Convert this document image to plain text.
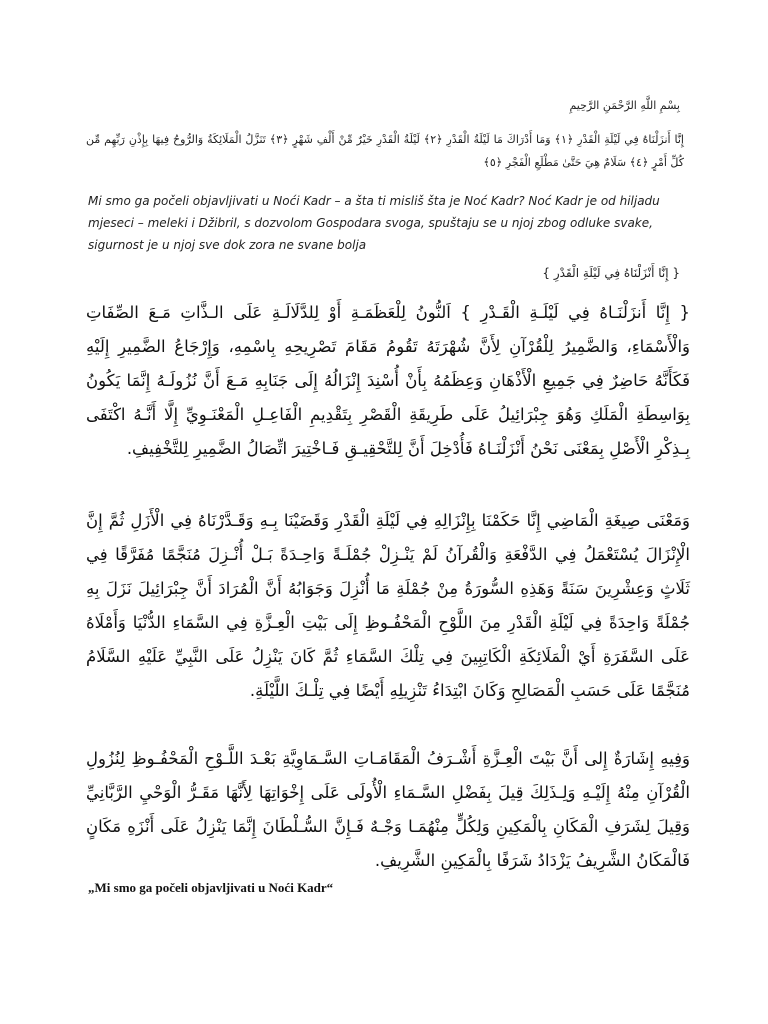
بِسْمِ اللَّهِ الرَّحْمَنِ الرَّحِيمِ
إِنَّا أَنزَلْنَاهُ فِي لَيْلَةِ الْقَدْرِ ﴿١﴾ وَمَا أَدْرَاكَ مَا لَيْلَةُ الْقَدْرِ ﴿٢﴾ لَيْلَةُ الْقَدْرِ خَيْرٌ مِّنْ أَلْفِ شَهْرٍ ﴿٣﴾ تَنَزَّلُ الْمَلَائِكَةُ وَالرُّوحُ فِيهَا بِإِذْنِ رَبِّهِم مِّن كُلِّ أَمْرٍ ﴿٤﴾ سَلَامٌ هِيَ حَتَّىٰ مَطْلَعِ الْفَجْرِ ﴿٥﴾

Mi smo ga počeli objavljivati u Noći Kadr – a šta ti misliš šta je Noć Kadr? Noć Kadr je od hiljadu mjeseci – meleki i Džibril, s dozvolom Gospodara svoga, spuštaju se u njoj zbog odluke svake, sigurnost je u njoj sve dok zora ne svane bolja

{ إِنَّا أَنْزَلْنَاهُ فِي لَيْلَةِ الْقَدْرِ }

{ إِنَّا أَنزَلْنَـاهُ فِي لَيْلَـةِ الْقَـدْرِ } اَلنُّونُ لِلْعَظَمَـةِ أَوْ لِلدَّلَالَـةِ عَلَى الـذَّاتِ مَـعَ الصِّفَاتِ وَالْأَسْمَاءِ، وَالضَّمِيرُ لِلْقُرْآنِ لِأَنَّ شُهْرَتَهُ تَقُومُ مَقَامَ تَصْرِيحِهِ بِاسْمِهِ، وَإِرْجَاعُ الضَّمِيرِ إِلَيْهِ فَكَأَنَّهُ حَاضِرٌ فِي جَمِيعِ الْأَذْهَانِ وَعِظَمُهُ بِأَنْ أُسْنِدَ إِنْزَالُهُ إِلَى جَنَابِهِ مَـعَ أَنَّ نُزُولَـهُ إِنَّمَا يَكُونُ بِوَاسِطَةِ الْمَلَكِ وَهُوَ جِبْرَائِيلُ عَلَى طَرِيقَةِ الْقَصْرِ بِتَقْدِيمِ الْفَاعِـلِ الْمَعْنَـوِيِّ إِلَّا أَنَّـهُ اكْتَفَى بِـذِكْرِ الْأَصْلِ بِمَعْنَى نَحْنُ أَنْزَلْنَـاهُ فَأُدْخِلَ أَنَّ لِلتَّحْقِيـقِ فَـاخْتِيرَ اتِّصَالُ الضَّمِيرِ لِلتَّخْفِيفِ.

وَمَعْنَى صِيغَةِ الْمَاضِي إِنَّا حَكَمْنَا بِإِنْزَالِهِ فِي لَيْلَةِ الْقَدْرِ وَقَضَيْنَا بِـهِ وَقَـدَّرْنَاهُ فِي الْأَزَلِ ثُمَّ إِنَّ الْإِنْزَالَ يُسْتَعْمَلُ فِي الدَّفْعَةِ وَالْقُرآنُ لَمْ يَنْـزِلْ جُمْلَـةً وَاحِـدَةً بَـلْ أُنْـزِلَ مُنَجَّمًا مُفَرَّقًا فِي ثَلَاثٍ وَعِشْرِينَ سَنَةً وَهَذِهِ السُّورَةُ مِنْ جُمْلَةِ مَا أُنْزِلَ وَجَوَابُهُ أَنَّ الْمُرَادَ أَنَّ جِبْرَائِيلَ نَزَلَ بِهِ جُمْلَةً وَاحِدَةً فِي لَيْلَةِ الْقَدْرِ مِنَ اللَّوْحِ الْمَحْفُـوظِ إِلَى بَيْتِ الْعِـزَّةِ فِي السَّمَاءِ الدُّنْيَا وَأَمْلَاهُ عَلَى السَّفَرَةِ أَيْ الْمَلَائِكَةِ الْكَاتِبِينَ فِي تِلْكَ السَّمَاءِ ثُمَّ كَانَ يَنْزِلُ عَلَى النَّبِيِّ عَلَيْهِ السَّلَامُ مُنَجَّمًا عَلَى حَسَبِ الْمَصَالِحِ وَكَانَ ابْتِدَاءُ تَنْزِيلِهِ أَيْضًا فِي تِلْـكَ اللَّيْلَةِ.

وَفِيهِ إِشَارَةٌ إِلى أَنَّ بَيْتَ الْعِـزَّةِ أَشْـرَفُ الْمَقَامَـاتِ السَّـمَاوِيَّةِ بَعْـدَ اللَّـوْحِ الْمَحْفُـوظِ لِنُزُولِ الْقُرْآنِ مِنْهُ إِلَيْـهِ وَلِـذَلِكَ قِيلَ بِفَضْلِ السَّـمَاءِ الْأُولَى عَلَى إِخْوَاتِهَا لِأَنَّهَا مَقَـرُّ الْوَحْيِ الرَّبَّانِيِّ وَقِيلَ لِشَرَفِ الْمَكَانِ بِالْمَكِينِ وَلِكُلٍّ مِنْهُمَـا وَجْـهٌ فَـإِنَّ السُّـلْطَانَ إِنَّمَا يَنْزِلُ عَلَى أَنْزَهِ مَكَانٍ فَالْمَكَانُ الشَّرِيفُ يَزْدَادُ شَرَفًا بِالْمَكِينِ الشَّرِيفِ.

„Mi smo ga počeli objavljivati u Noći Kadr“
